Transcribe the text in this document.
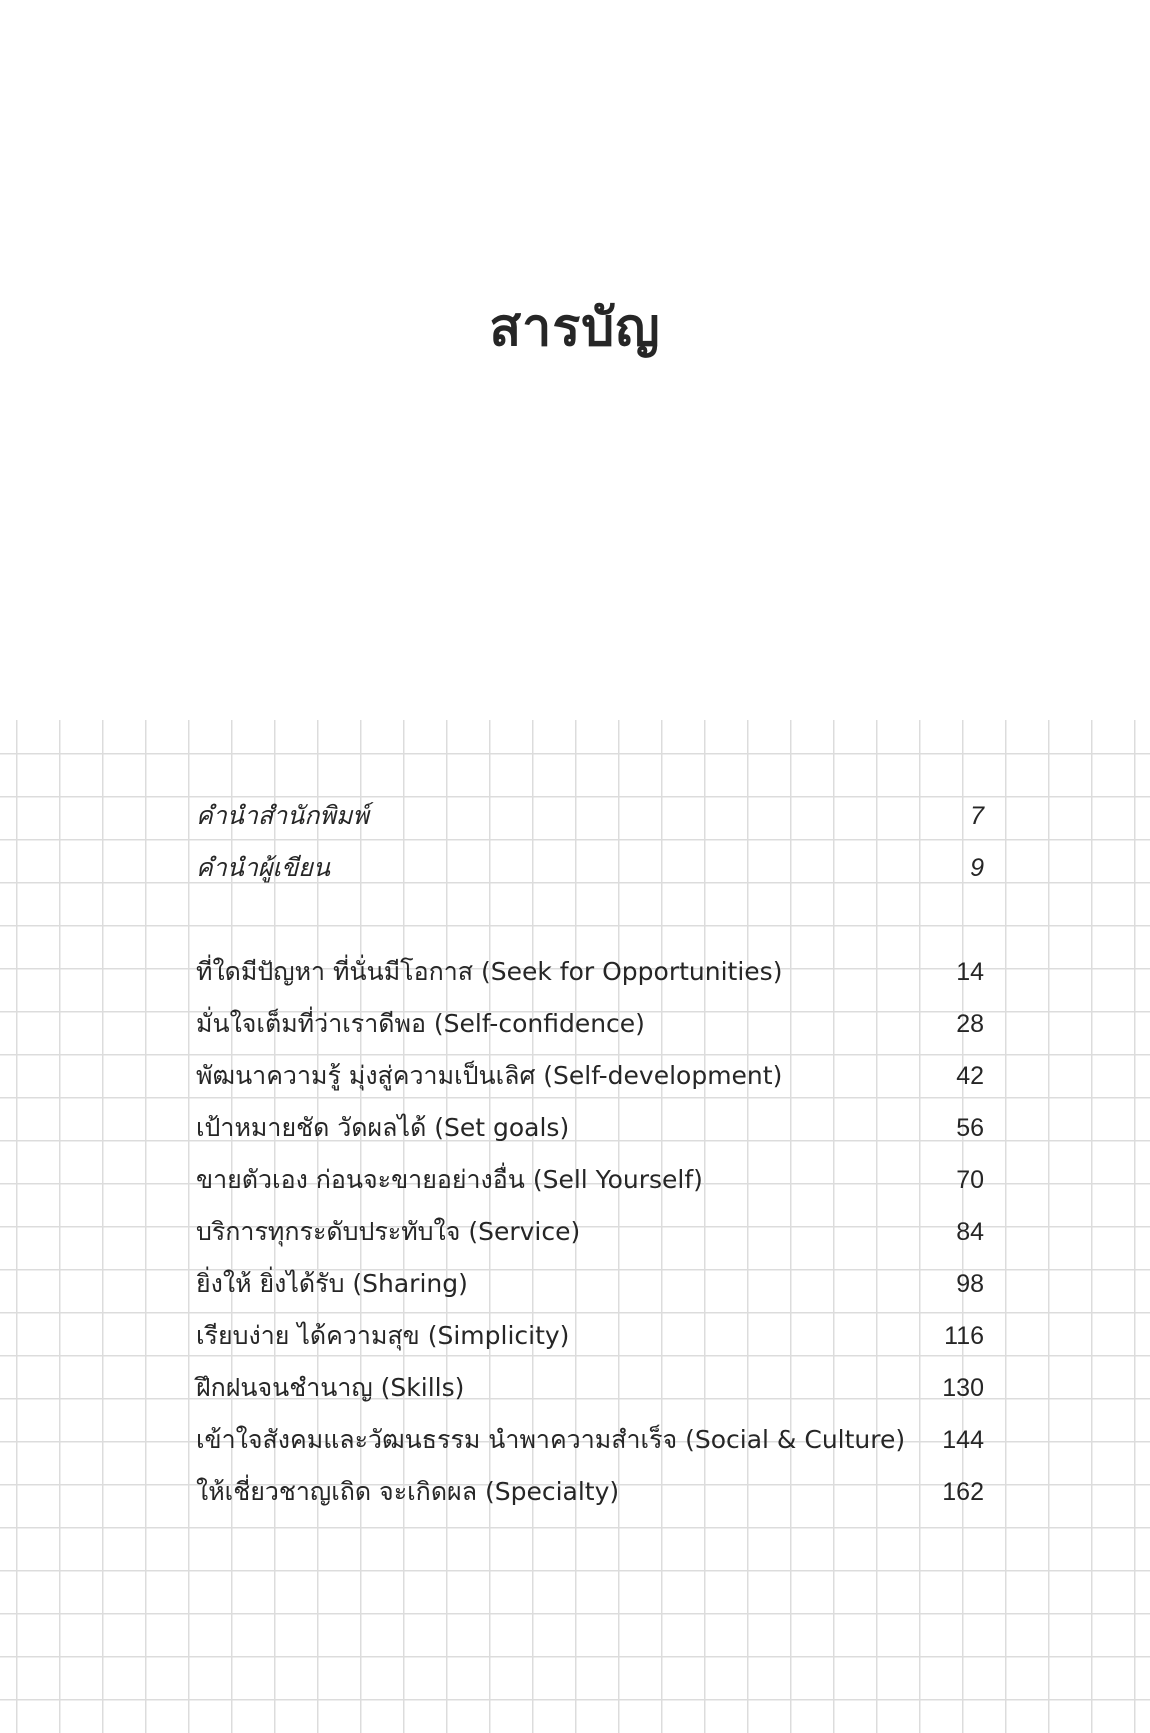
สารบัญ
คำนำสำนักพิมพ์	7
คำนำผู้เขียน	9
ที่ใดมีปัญหา ที่นั่นมีโอกาส (Seek for Opportunities)	14
มั่นใจเต็มที่ว่าเราดีพอ (Self-confidence)	28
พัฒนาความรู้ มุ่งสู่ความเป็นเลิศ (Self-development)	42
เป้าหมายชัด วัดผลได้ (Set goals)	56
ขายตัวเอง ก่อนจะขายอย่างอื่น (Sell Yourself)	70
บริการทุกระดับประทับใจ (Service)	84
ยิ่งให้ ยิ่งได้รับ (Sharing)	98
เรียบง่าย ได้ความสุข (Simplicity)	116
ฝึกฝนจนชำนาญ (Skills)	130
เข้าใจสังคมและวัฒนธรรม นำพาความสำเร็จ (Social & Culture)	144
ให้เชี่ยวชาญเถิด จะเกิดผล (Specialty)	162
